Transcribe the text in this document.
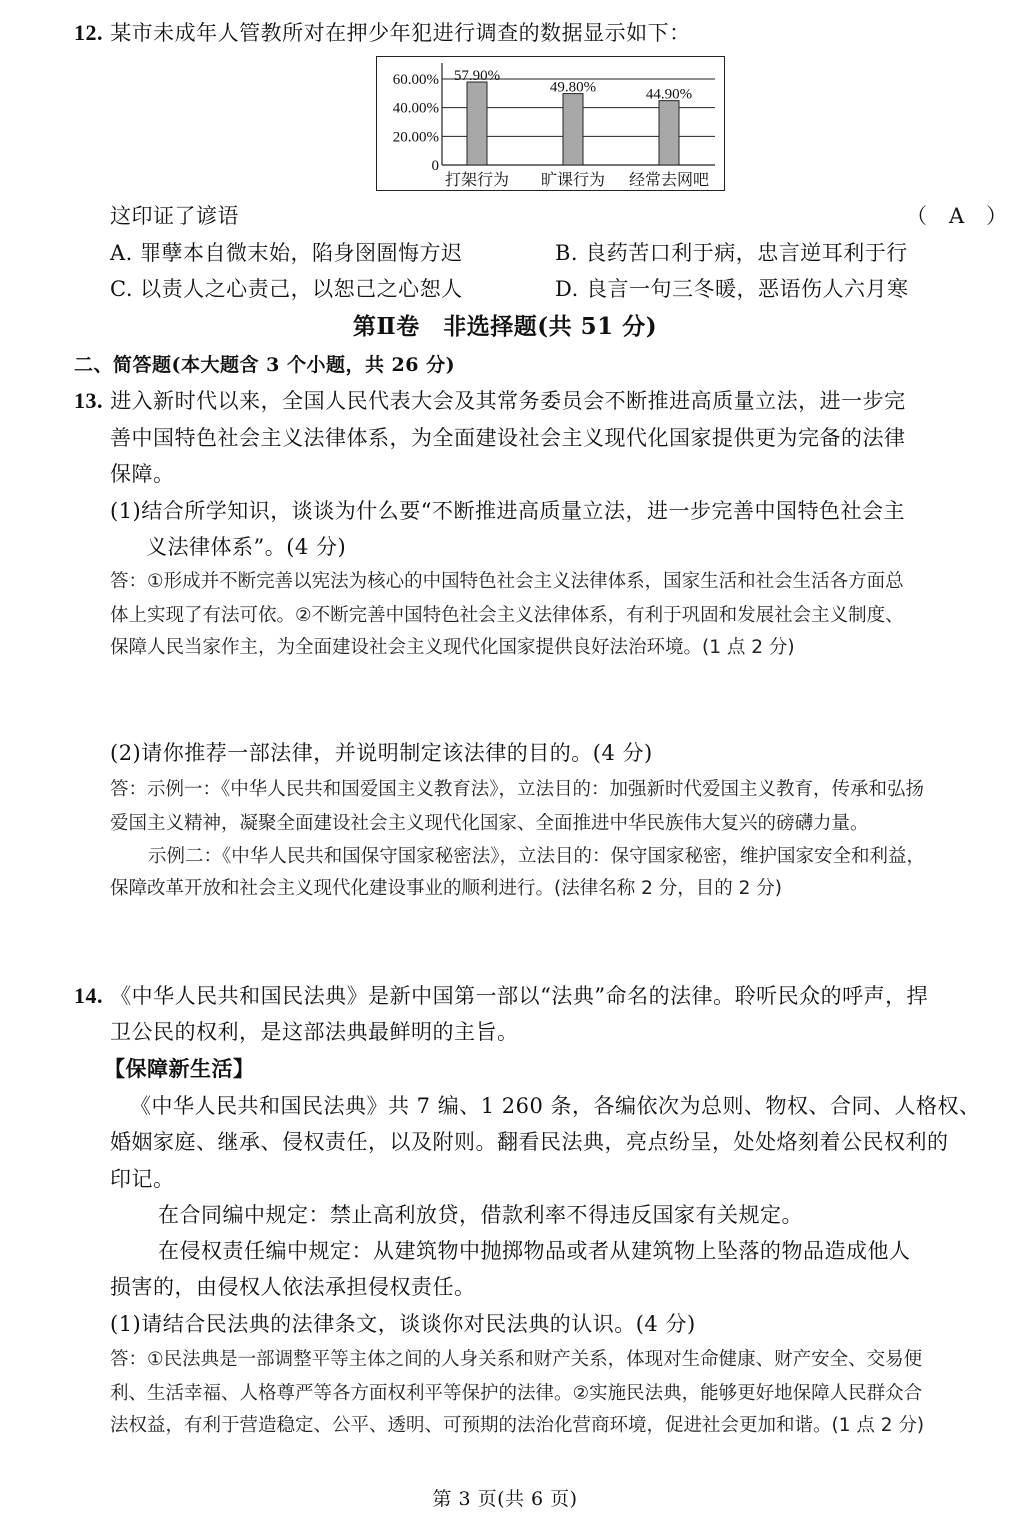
12. 某市未成年人管教所对在押少年犯进行调查的数据显示如下：
60.00%
40.00%
20.00%
0
57.90%
打架行为
49.80%
旷课行为
44.90%
经常去网吧
这印证了谚语	（　A　）
A. 罪孽本自微末始，陷身囹圄悔方迟	B. 良药苦口利于病，忠言逆耳利于行
C. 以责人之心责己，以恕己之心恕人	D. 良言一句三冬暖，恶语伤人六月寒
第Ⅱ卷　非选择题(共 51 分)
二、简答题(本大题含 3 个小题，共 26 分)
13. 进入新时代以来，全国人民代表大会及其常务委员会不断推进高质量立法，进一步完
善中国特色社会主义法律体系，为全面建设社会主义现代化国家提供更为完备的法律
保障。
(1)结合所学知识，谈谈为什么要“不断推进高质量立法，进一步完善中国特色社会主
义法律体系”。(4 分)
答：①形成并不断完善以宪法为核心的中国特色社会主义法律体系，国家生活和社会生活各方面总
体上实现了有法可依。②不断完善中国特色社会主义法律体系，有利于巩固和发展社会主义制度、
保障人民当家作主，为全面建设社会主义现代化国家提供良好法治环境。(1 点 2 分)
(2)请你推荐一部法律，并说明制定该法律的目的。(4 分)
答：示例一：《中华人民共和国爱国主义教育法》，立法目的：加强新时代爱国主义教育，传承和弘扬
爱国主义精神，凝聚全面建设社会主义现代化国家、全面推进中华民族伟大复兴的磅礴力量。
示例二：《中华人民共和国保守国家秘密法》，立法目的：保守国家秘密，维护国家安全和利益，
保障改革开放和社会主义现代化建设事业的顺利进行。(法律名称 2 分，目的 2 分)
14. 《中华人民共和国民法典》是新中国第一部以“法典”命名的法律。聆听民众的呼声，捍
卫公民的权利，是这部法典最鲜明的主旨。
【保障新生活】
《中华人民共和国民法典》共 7 编、1 260 条，各编依次为总则、物权、合同、人格权、
婚姻家庭、继承、侵权责任，以及附则。翻看民法典，亮点纷呈，处处烙刻着公民权利的
印记。
在合同编中规定：禁止高利放贷，借款利率不得违反国家有关规定。
在侵权责任编中规定：从建筑物中抛掷物品或者从建筑物上坠落的物品造成他人
损害的，由侵权人依法承担侵权责任。
(1)请结合民法典的法律条文，谈谈你对民法典的认识。(4 分)
答：①民法典是一部调整平等主体之间的人身关系和财产关系，体现对生命健康、财产安全、交易便
利、生活幸福、人格尊严等各方面权利平等保护的法律。②实施民法典，能够更好地保障人民群众合
法权益，有利于营造稳定、公平、透明、可预期的法治化营商环境，促进社会更加和谐。(1 点 2 分)
第 3 页(共 6 页)
